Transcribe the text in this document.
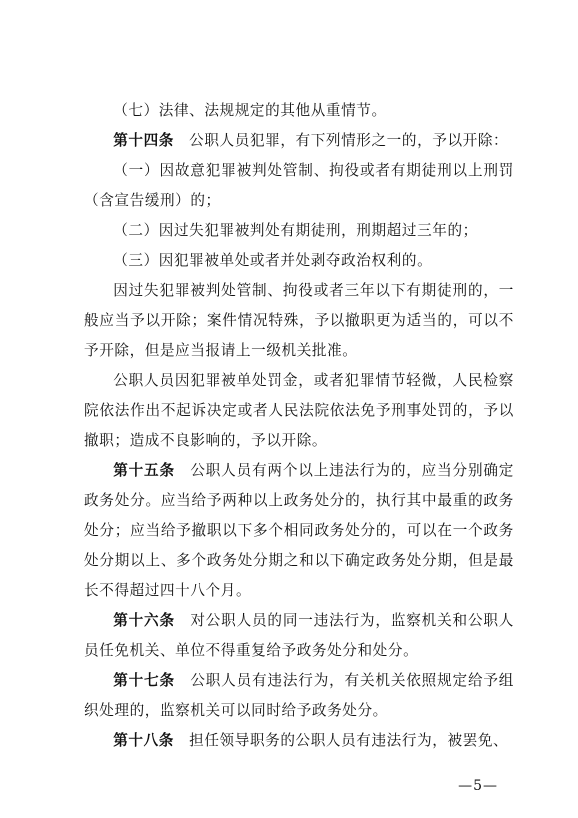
（七）法律、法规规定的其他从重情节。

第十四条　公职人员犯罪，有下列情形之一的，予以开除：

（一）因故意犯罪被判处管制、拘役或者有期徒刑以上刑罚（含宣告缓刑）的；

（二）因过失犯罪被判处有期徒刑，刑期超过三年的；

（三）因犯罪被单处或者并处剥夺政治权利的。

因过失犯罪被判处管制、拘役或者三年以下有期徒刑的，一般应当予以开除；案件情况特殊，予以撤职更为适当的，可以不予开除，但是应当报请上一级机关批准。

公职人员因犯罪被单处罚金，或者犯罪情节轻微，人民检察院依法作出不起诉决定或者人民法院依法免予刑事处罚的，予以撤职；造成不良影响的，予以开除。

第十五条　公职人员有两个以上违法行为的，应当分别确定政务处分。应当给予两种以上政务处分的，执行其中最重的政务处分；应当给予撤职以下多个相同政务处分的，可以在一个政务处分期以上、多个政务处分期之和以下确定政务处分期，但是最长不得超过四十八个月。

第十六条　对公职人员的同一违法行为，监察机关和公职人员任免机关、单位不得重复给予政务处分和处分。

第十七条　公职人员有违法行为，有关机关依照规定给予组织处理的，监察机关可以同时给予政务处分。

第十八条　担任领导职务的公职人员有违法行为，被罢免、

—5—
